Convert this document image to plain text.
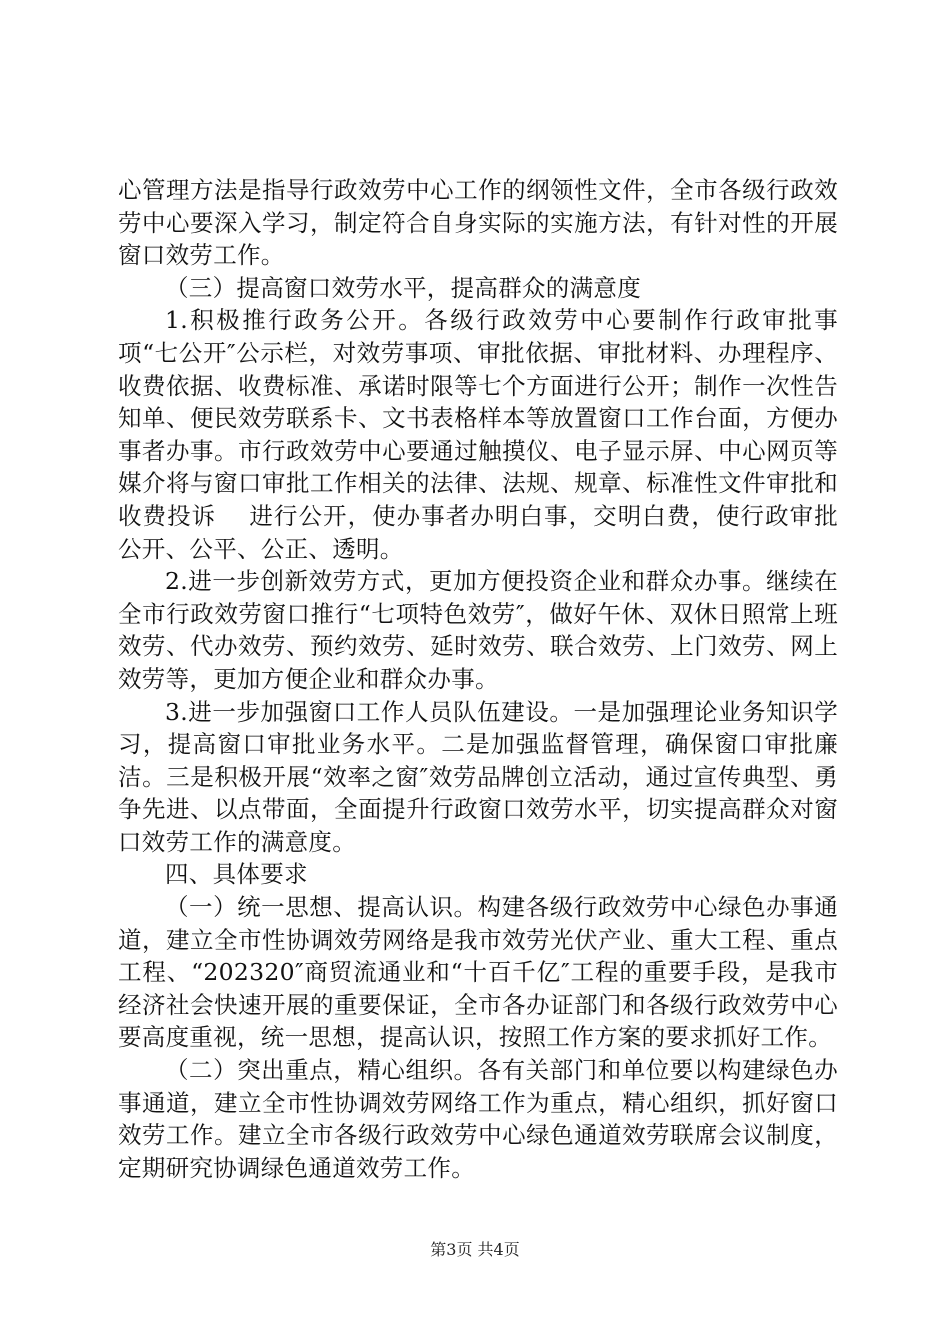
心管理方法是指导行政效劳中心工作的纲领性文件，全市各级行政效劳中心要深入学习，制定符合自身实际的实施方法，有针对性的开展窗口效劳工作。

（三）提高窗口效劳水平，提高群众的满意度

1.积极推行政务公开。各级行政效劳中心要制作行政审批事项“七公开″公示栏，对效劳事项、审批依据、审批材料、办理程序、收费依据、收费标准、承诺时限等七个方面进行公开；制作一次性告知单、便民效劳联系卡、文书表格样本等放置窗口工作台面，方便办事者办事。市行政效劳中心要通过触摸仪、电子显示屏、中心网页等媒介将与窗口审批工作相关的法律、法规、规章、标准性文件审批和收费投诉　 进行公开，使办事者办明白事，交明白费，使行政审批公开、公平、公正、透明。

2.进一步创新效劳方式，更加方便投资企业和群众办事。继续在全市行政效劳窗口推行“七项特色效劳″，做好午休、双休日照常上班效劳、代办效劳、预约效劳、延时效劳、联合效劳、上门效劳、网上效劳等，更加方便企业和群众办事。

3.进一步加强窗口工作人员队伍建设。一是加强理论业务知识学习，提高窗口审批业务水平。二是加强监督管理，确保窗口审批廉洁。三是积极开展“效率之窗″效劳品牌创立活动，通过宣传典型、勇争先进、以点带面，全面提升行政窗口效劳水平，切实提高群众对窗口效劳工作的满意度。

四、具体要求

（一）统一思想、提高认识。构建各级行政效劳中心绿色办事通道，建立全市性协调效劳网络是我市效劳光伏产业、重大工程、重点工程、“202320″商贸流通业和“十百千亿″工程的重要手段，是我市经济社会快速开展的重要保证，全市各办证部门和各级行政效劳中心要高度重视，统一思想，提高认识，按照工作方案的要求抓好工作。

（二）突出重点，精心组织。各有关部门和单位要以构建绿色办事通道，建立全市性协调效劳网络工作为重点，精心组织，抓好窗口效劳工作。建立全市各级行政效劳中心绿色通道效劳联席会议制度，定期研究协调绿色通道效劳工作。

第3页 共4页
